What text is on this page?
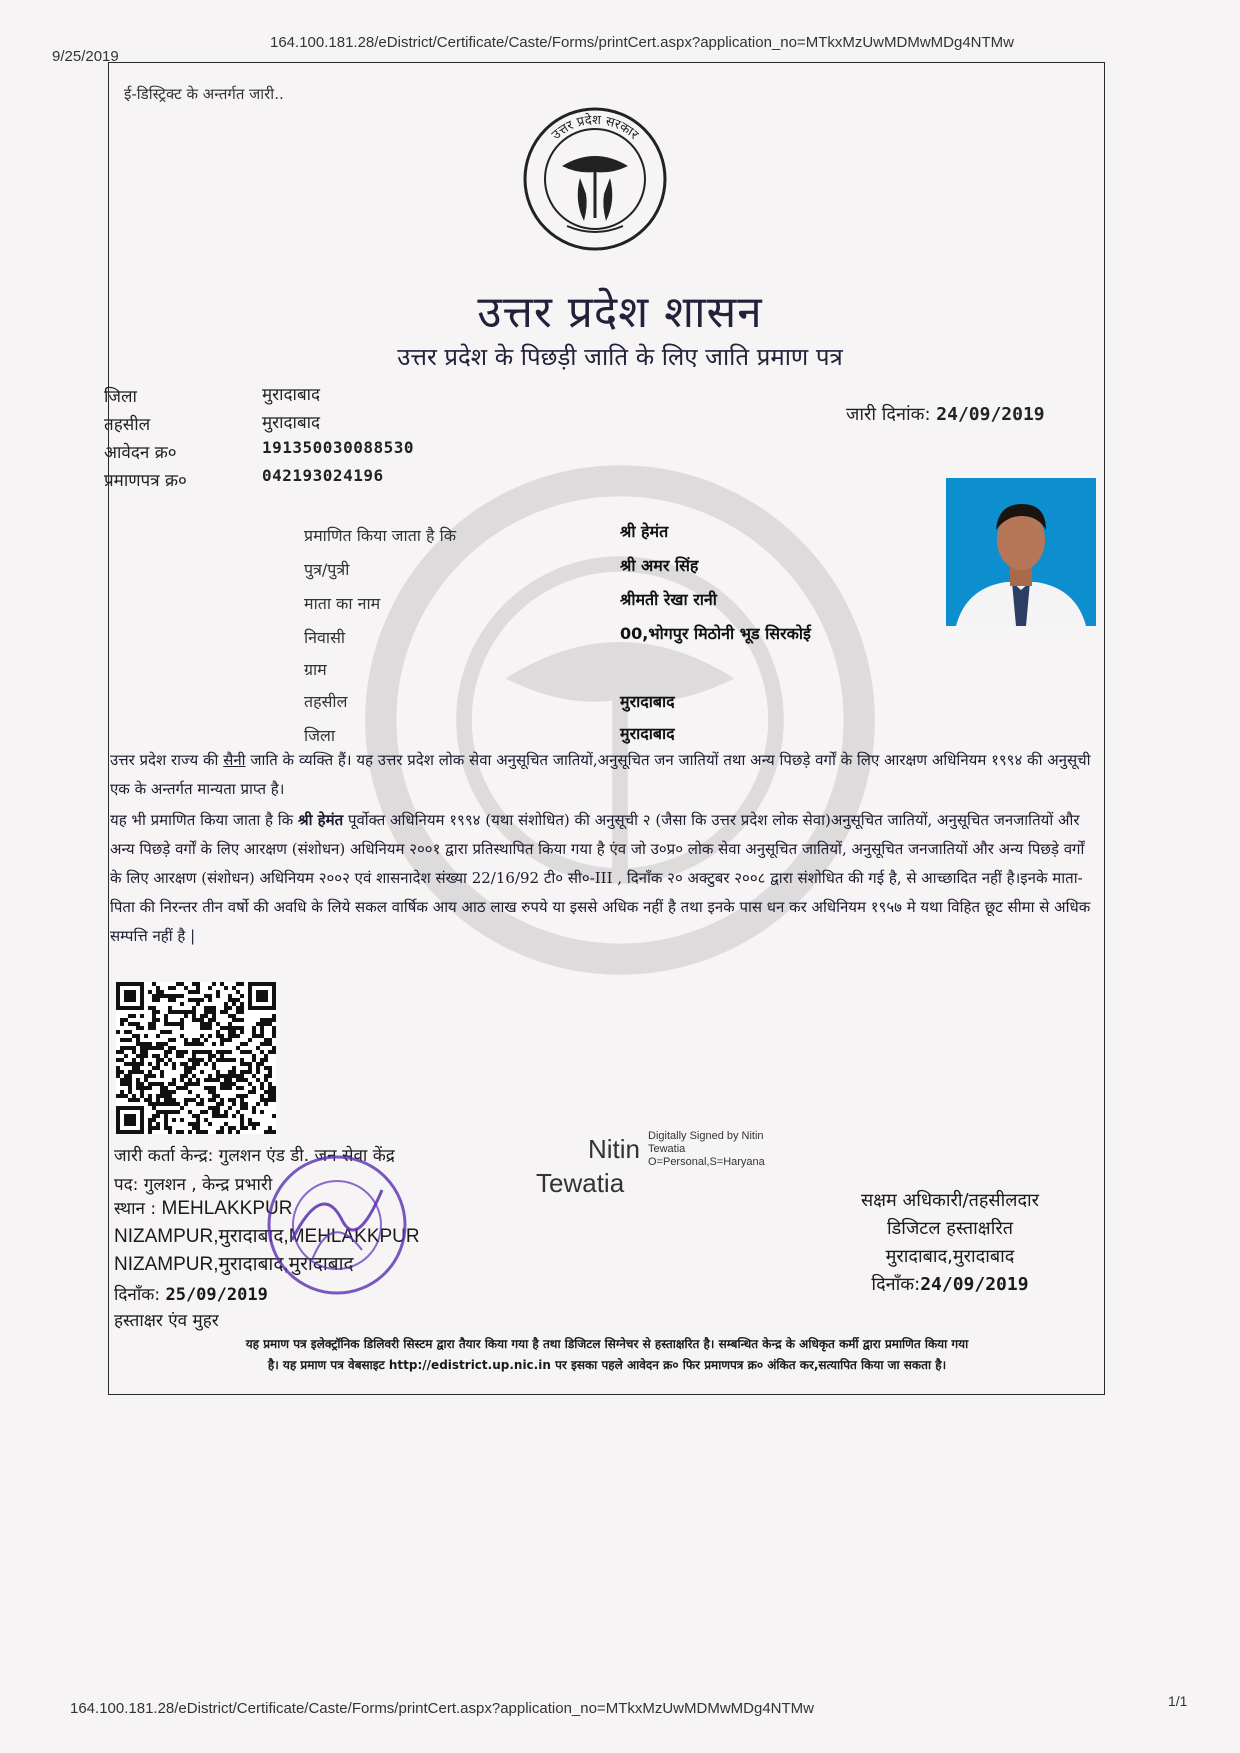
9/25/2019
164.100.181.28/eDistrict/Certificate/Caste/Forms/printCert.aspx?application_no=MTkxMzUwMDMwMDg4NTMw
ई-डिस्ट्रिक्ट के अन्तर्गत जारी..
उत्तर प्रदेश सरकार
उत्तर प्रदेश शासन
उत्तर प्रदेश के पिछड़ी जाति के लिए जाति प्रमाण पत्र
जिला	मुरादाबाद
तहसील	मुरादाबाद
आवेदन क्र०	191350030088530
प्रमाणपत्र क्र०	042193024196
जारी दिनांक: 24/09/2019
प्रमाणित किया जाता है कि	श्री हेमंत
पुत्र/पुत्री	श्री अमर सिंह
माता का नाम	श्रीमती रेखा रानी
निवासी	00,भोगपुर मिठोनी भूड सिरकोई
ग्राम
तहसील	मुरादाबाद
जिला	मुरादाबाद
उत्तर प्रदेश राज्य की सैनी जाति के व्यक्ति हैं। यह उत्तर प्रदेश लोक सेवा अनुसूचित जातियों,अनुसूचित जन जातियों तथा अन्य पिछड़े वर्गों के लिए आरक्षण अधिनियम १९९४ की अनुसूची एक के अन्तर्गत मान्यता प्राप्त है।
यह भी प्रमाणित किया जाता है कि श्री हेमंत पूर्वोक्त अधिनियम १९९४ (यथा संशोधित) की अनुसूची २ (जैसा कि उत्तर प्रदेश लोक सेवा)अनुसूचित जातियों, अनुसूचित जनजातियों और अन्य पिछड़े वर्गों के लिए आरक्षण (संशोधन) अधिनियम २००१ द्वारा प्रतिस्थापित किया गया है एंव जो उ०प्र० लोक सेवा अनुसूचित जातियों, अनुसूचित जनजातियों और अन्य पिछड़े वर्गों के लिए आरक्षण (संशोधन) अधिनियम २००२ एवं शासनादेश संख्या 22/16/92 टी० सी०-III , दिनाँक २० अक्टुबर २००८ द्वारा संशोधित की गई है, से आच्छादित नहीं है।इनके माता-पिता की निरन्तर तीन वर्षो की अवधि के लिये सकल वार्षिक आय आठ लाख रुपये या इससे अधिक नहीं है तथा इनके पास धन कर अधिनियम १९५७ मे यथा विहित छूट सीमा से अधिक सम्पत्ति नहीं है |
जारी कर्ता केन्द्र: गुलशन एंड डी. जन सेवा केंद्र
पद: गुलशन , केन्द्र प्रभारी
स्थान : MEHLAKKPUR
NIZAMPUR,मुरादाबाद,MEHLAKKPUR
NIZAMPUR,मुरादाबाद,मुरादाबाद
दिनाँक: 25/09/2019
हस्ताक्षर एंव मुहर
Nitin
Tewatia
Digitally Signed by Nitin
Tewatia
O=Personal,S=Haryana
सक्षम अधिकारी/तहसीलदार
डिजिटल हस्ताक्षरित
मुरादाबाद,मुरादाबाद
दिनाँक:24/09/2019
यह प्रमाण पत्र इलेक्ट्रॉनिक डिलिवरी सिस्टम द्वारा तैयार किया गया है तथा डिजिटल सिग्नेचर से हस्ताक्षरित है। सम्बन्धित केन्द्र के अधिकृत कर्मी द्वारा प्रमाणित किया गया
है। यह प्रमाण पत्र वेबसाइट http://edistrict.up.nic.in पर इसका पहले आवेदन क्र० फिर प्रमाणपत्र क्र० अंकित कर,सत्यापित किया जा सकता है।
164.100.181.28/eDistrict/Certificate/Caste/Forms/printCert.aspx?application_no=MTkxMzUwMDMwMDg4NTMw	1/1
